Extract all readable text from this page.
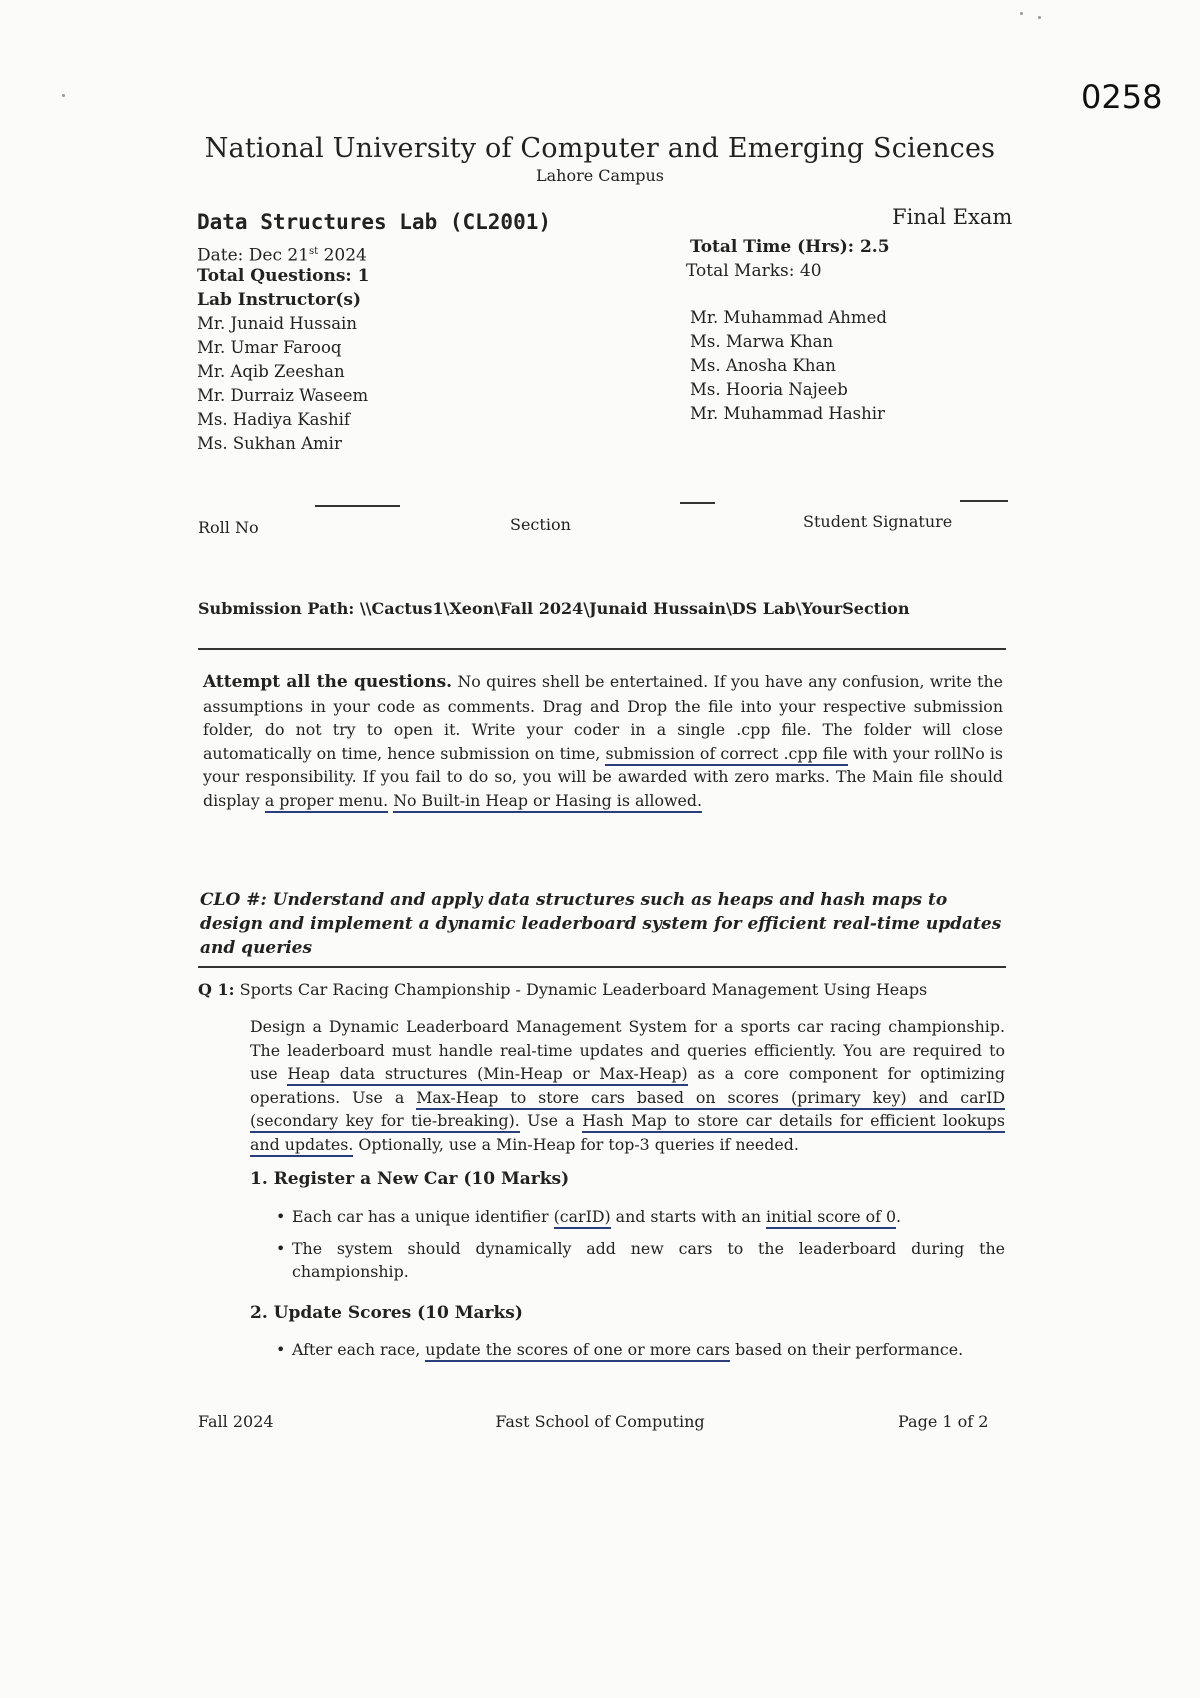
0258
National University of Computer and Emerging Sciences
Lahore Campus
Data Structures Lab (CL2001)
Date: Dec 21st 2024
Total Questions: 1
Lab Instructor(s)
Mr. Junaid Hussain
Mr. Umar Farooq
Mr. Aqib Zeeshan
Mr. Durraiz Waseem
Ms. Hadiya Kashif
Ms. Sukhan Amir
Final Exam
Total Time (Hrs): 2.5
Total Marks: 40
Mr. Muhammad Ahmed
Ms. Marwa Khan
Ms. Anosha Khan
Ms. Hooria Najeeb
Mr. Muhammad Hashir
Roll No	Section	Student Signature
Submission Path: \\Cactus1\Xeon\Fall 2024\Junaid Hussain\DS Lab\YourSection
Attempt all the questions. No quires shell be entertained. If you have any confusion, write the assumptions in your code as comments. Drag and Drop the file into your respective submission folder, do not try to open it. Write your coder in a single .cpp file. The folder will close automatically on time, hence submission on time, submission of correct .cpp file with your rollNo is your responsibility. If you fail to do so, you will be awarded with zero marks. The Main file should display a proper menu. No Built-in Heap or Hasing is allowed.
CLO #: Understand and apply data structures such as heaps and hash maps to design and implement a dynamic leaderboard system for efficient real-time updates and queries
Q 1: Sports Car Racing Championship - Dynamic Leaderboard Management Using Heaps
Design a Dynamic Leaderboard Management System for a sports car racing championship. The leaderboard must handle real-time updates and queries efficiently. You are required to use Heap data structures (Min-Heap or Max-Heap) as a core component for optimizing operations. Use a Max-Heap to store cars based on scores (primary key) and carID (secondary key for tie-breaking). Use a Hash Map to store car details for efficient lookups and updates. Optionally, use a Min-Heap for top-3 queries if needed.
1. Register a New Car (10 Marks)
• Each car has a unique identifier (carID) and starts with an initial score of 0.
• The system should dynamically add new cars to the leaderboard during the championship.
2. Update Scores (10 Marks)
• After each race, update the scores of one or more cars based on their performance.
Fall 2024	Fast School of Computing	Page 1 of 2
